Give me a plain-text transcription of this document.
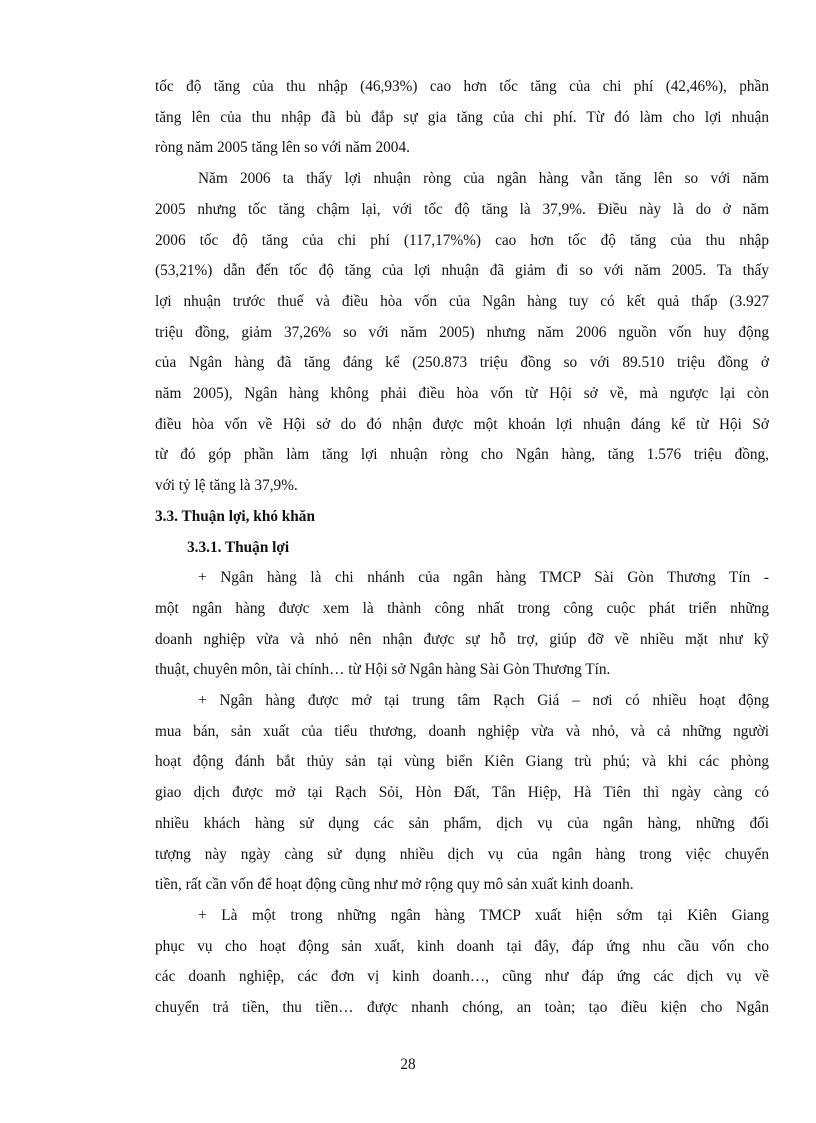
tốc độ tăng của thu nhập (46,93%) cao hơn tốc tăng của chi phí (42,46%), phần
tăng lên của thu nhập đã bù đắp sự gia tăng của chi phí. Từ đó làm cho lợi nhuận
ròng năm 2005 tăng lên so với năm 2004.
Năm 2006 ta thấy lợi nhuận ròng của ngân hàng vẫn tăng lên so với năm
2005 nhưng tốc tăng chậm lại, với tốc độ tăng là 37,9%. Điều này là do ở năm
2006 tốc độ tăng của chi phí (117,17%%) cao hơn tốc độ tăng của thu nhập
(53,21%) dẫn đến tốc độ tăng của lợi nhuận đã giảm đi so với năm 2005. Ta thấy
lợi nhuận trước thuế và điều hòa vốn của Ngân hàng tuy có kết quả thấp (3.927
triệu đồng, giảm 37,26% so với năm 2005) nhưng năm 2006 nguồn vốn huy động
của Ngân hàng đã tăng đáng kể (250.873 triệu đồng so với 89.510 triệu đồng ở
năm 2005), Ngân hàng không phải điều hòa vốn từ Hội sở về, mà ngược lại còn
điều hòa vốn về Hội sở do đó nhận được một khoản lợi nhuận đáng kể từ Hội Sở
từ đó góp phần làm tăng lợi nhuận ròng cho Ngân hàng, tăng 1.576 triệu đồng,
với tỷ lệ tăng là 37,9%.
3.3. Thuận lợi, khó khăn
3.3.1. Thuận lợi
+ Ngân hàng là chi nhánh của ngân hàng TMCP Sài Gòn Thương Tín -
một ngân hàng được xem là thành công nhất trong công cuộc phát triển những
doanh nghiệp vừa và nhỏ nên nhận được sự hỗ trợ, giúp đỡ về nhiều mặt như kỹ
thuật, chuyên môn, tài chính… từ Hội sở Ngân hàng Sài Gòn Thương Tín.
+ Ngân hàng được mở tại trung tâm Rạch Giá – nơi có nhiều hoạt động
mua bán, sản xuất của tiểu thương, doanh nghiệp vừa và nhỏ, và cả những người
hoạt động đánh bắt thủy sản tại vùng biển Kiên Giang trù phú; và khi các phòng
giao dịch được mở tại Rạch Sỏi, Hòn Đất, Tân Hiệp, Hà Tiên thì ngày càng có
nhiều khách hàng sử dụng các sản phẩm, dịch vụ của ngân hàng, những đối
tượng này ngày càng sử dụng nhiều dịch vụ của ngân hàng trong việc chuyển
tiền, rất cần vốn để hoạt động cũng như mở rộng quy mô sản xuất kinh doanh.
+ Là một trong những ngân hàng TMCP xuất hiện sớm tại Kiên Giang
phục vụ cho hoạt động sản xuất, kinh doanh tại đây, đáp ứng nhu cầu vốn cho
các doanh nghiệp, các đơn vị kinh doanh…, cũng như đáp ứng các dịch vụ về
chuyển trả tiền, thu tiền… được nhanh chóng, an toàn; tạo điều kiện cho Ngân
28
